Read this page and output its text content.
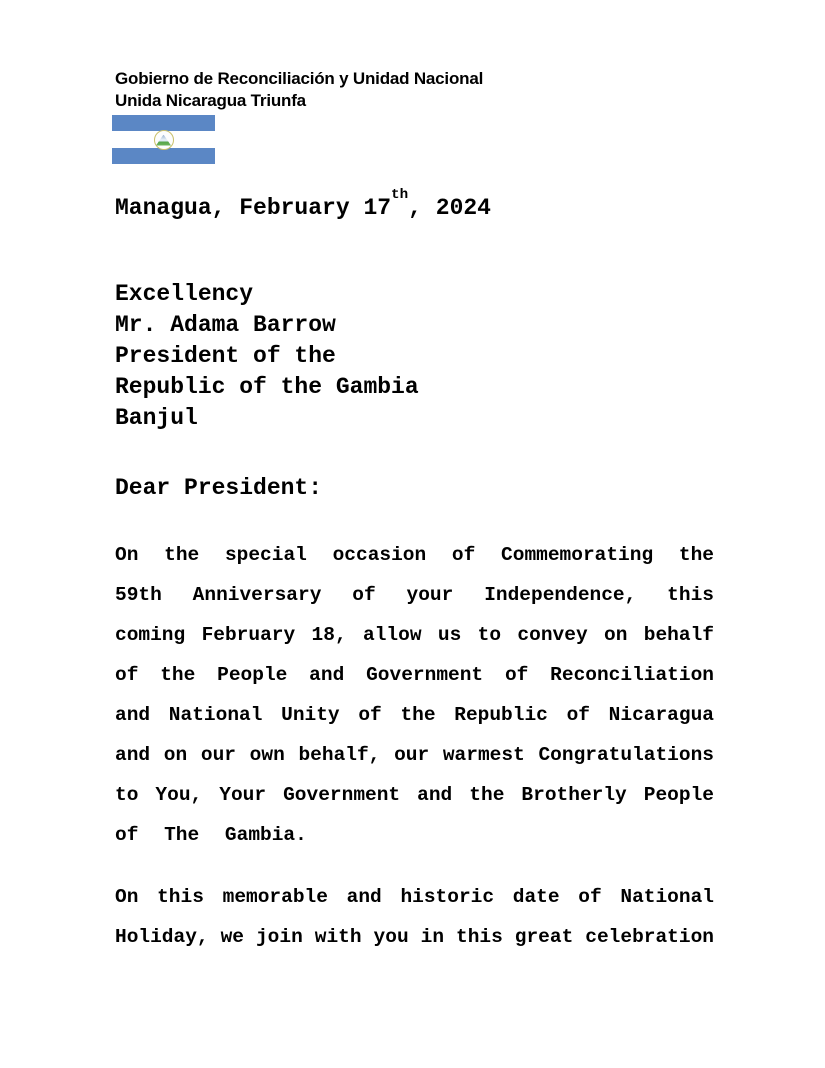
Gobierno de Reconciliación y Unidad Nacional
Unida Nicaragua Triunfa
Managua, February 17th, 2024
Excellency
Mr. Adama Barrow
President of the
Republic of the Gambia
Banjul
Dear President:
On the special occasion of Commemorating the
59th Anniversary of your Independence, this
coming February 18, allow us to convey on behalf
of the People and Government of Reconciliation
and National Unity of the Republic of Nicaragua
and on our own behalf, our warmest Congratulations
to You, Your Government and the Brotherly People
of The Gambia.
On this memorable and historic date of National
Holiday, we join with you in this great celebration
